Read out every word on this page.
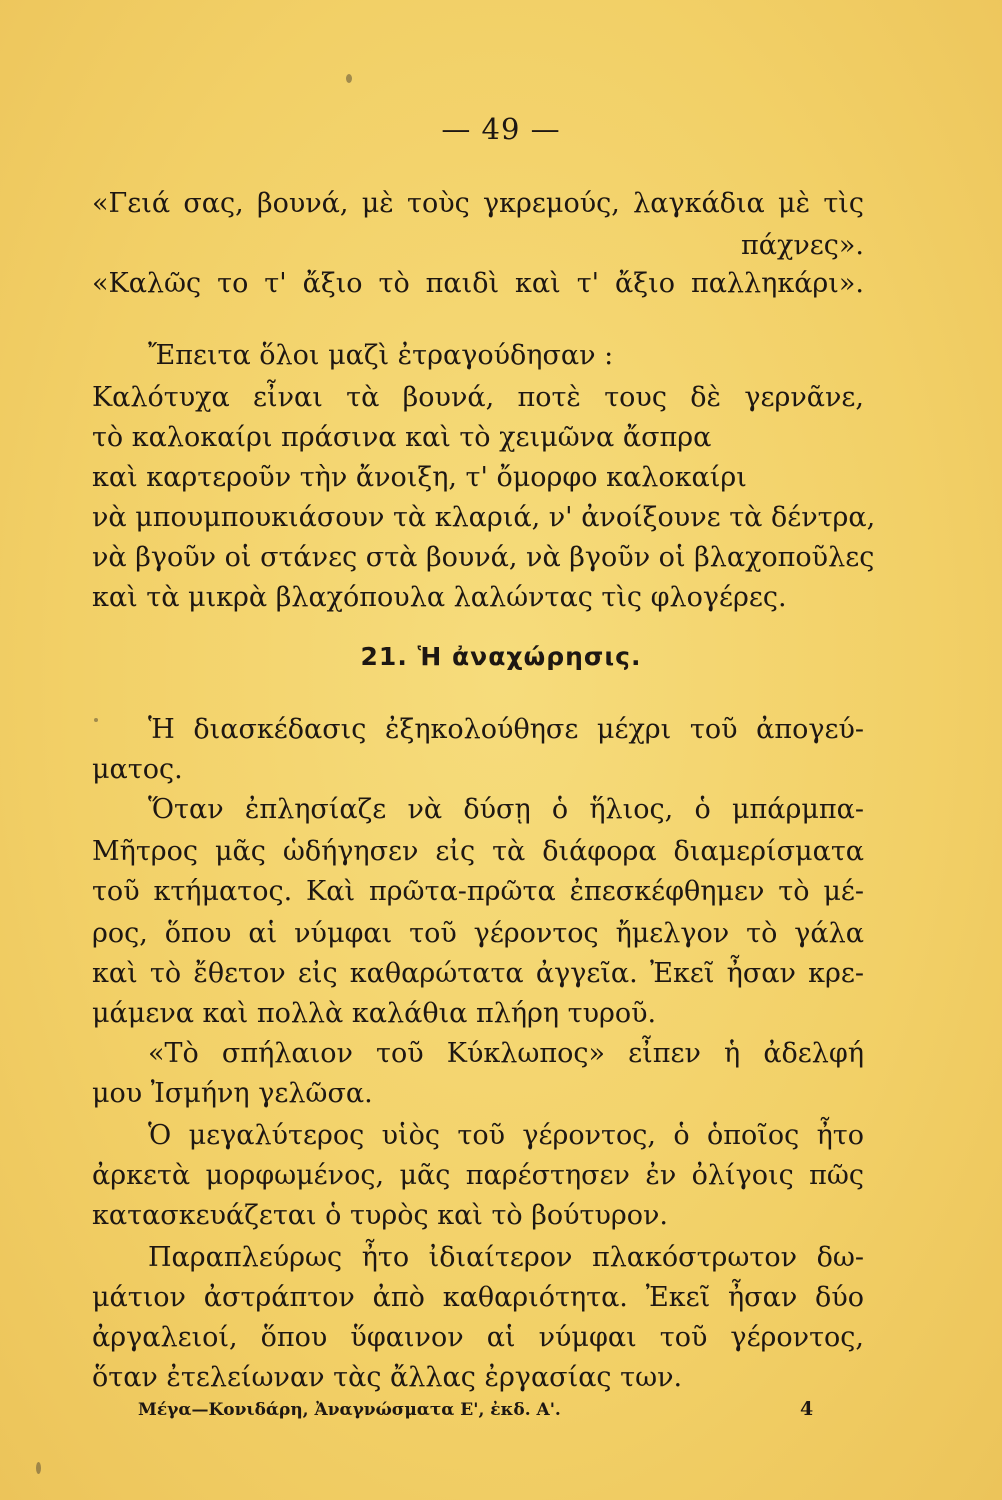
— 49 —
«Γειά σας, βουνά, μὲ τοὺς γκρεμούς, λαγκάδια μὲ τὶς
πάχνες».
«Καλῶς το τ' ἄξιο τὸ παιδὶ καὶ τ' ἄξιο παλληκάρι».
Ἔπειτα ὅλοι μαζὶ ἐτραγούδησαν :
Καλότυχα εἶναι τὰ βουνά, ποτὲ τους δὲ γερνᾶνε,
τὸ καλοκαίρι πράσινα καὶ τὸ χειμῶνα ἄσπρα
καὶ καρτεροῦν τὴν ἄνοιξη, τ' ὄμορφο καλοκαίρι
νὰ μπουμπουκιάσουν τὰ κλαριά, ν' ἀνοίξουνε τὰ δέντρα,
νὰ βγοῦν οἱ στάνες στὰ βουνά, νὰ βγοῦν οἱ βλαχοποῦλες
καὶ τὰ μικρὰ βλαχόπουλα λαλώντας τὶς φλογέρες.
21. Ἡ ἀναχώρησις.
Ἡ διασκέδασις ἐξηκολούθησε μέχρι τοῦ ἀπογεύ-
ματος.
Ὅταν ἐπλησίαζε νὰ δύσῃ ὁ ἥλιος, ὁ μπάρμπα-
Μῆτρος μᾶς ὡδήγησεν εἰς τὰ διάφορα διαμερίσματα
τοῦ κτήματος. Καὶ πρῶτα-πρῶτα ἐπεσκέφθημεν τὸ μέ-
ρος, ὅπου αἱ νύμφαι τοῦ γέροντος ἤμελγον τὸ γάλα
καὶ τὸ ἔθετον εἰς καθαρώτατα ἀγγεῖα. Ἐκεῖ ἦσαν κρε-
μάμενα καὶ πολλὰ καλάθια πλήρη τυροῦ.
«Τὸ σπήλαιον τοῦ Κύκλωπος» εἶπεν ἡ ἀδελφή
μου Ἰσμήνη γελῶσα.
Ὁ μεγαλύτερος υἱὸς τοῦ γέροντος, ὁ ὁποῖος ἦτο
ἀρκετὰ μορφωμένος, μᾶς παρέστησεν ἐν ὀλίγοις πῶς
κατασκευάζεται ὁ τυρὸς καὶ τὸ βούτυρον.
Παραπλεύρως ἦτο ἰδιαίτερον πλακόστρωτον δω-
μάτιον ἀστράπτον ἀπὸ καθαριότητα. Ἐκεῖ ἦσαν δύο
ἀργαλειοί, ὅπου ὕφαινον αἱ νύμφαι τοῦ γέροντος,
ὅταν ἐτελείωναν τὰς ἄλλας ἐργασίας των.
Μέγα—Κονιδάρη, Ἀναγνώσματα Ε', ἐκδ. Α'.	4
